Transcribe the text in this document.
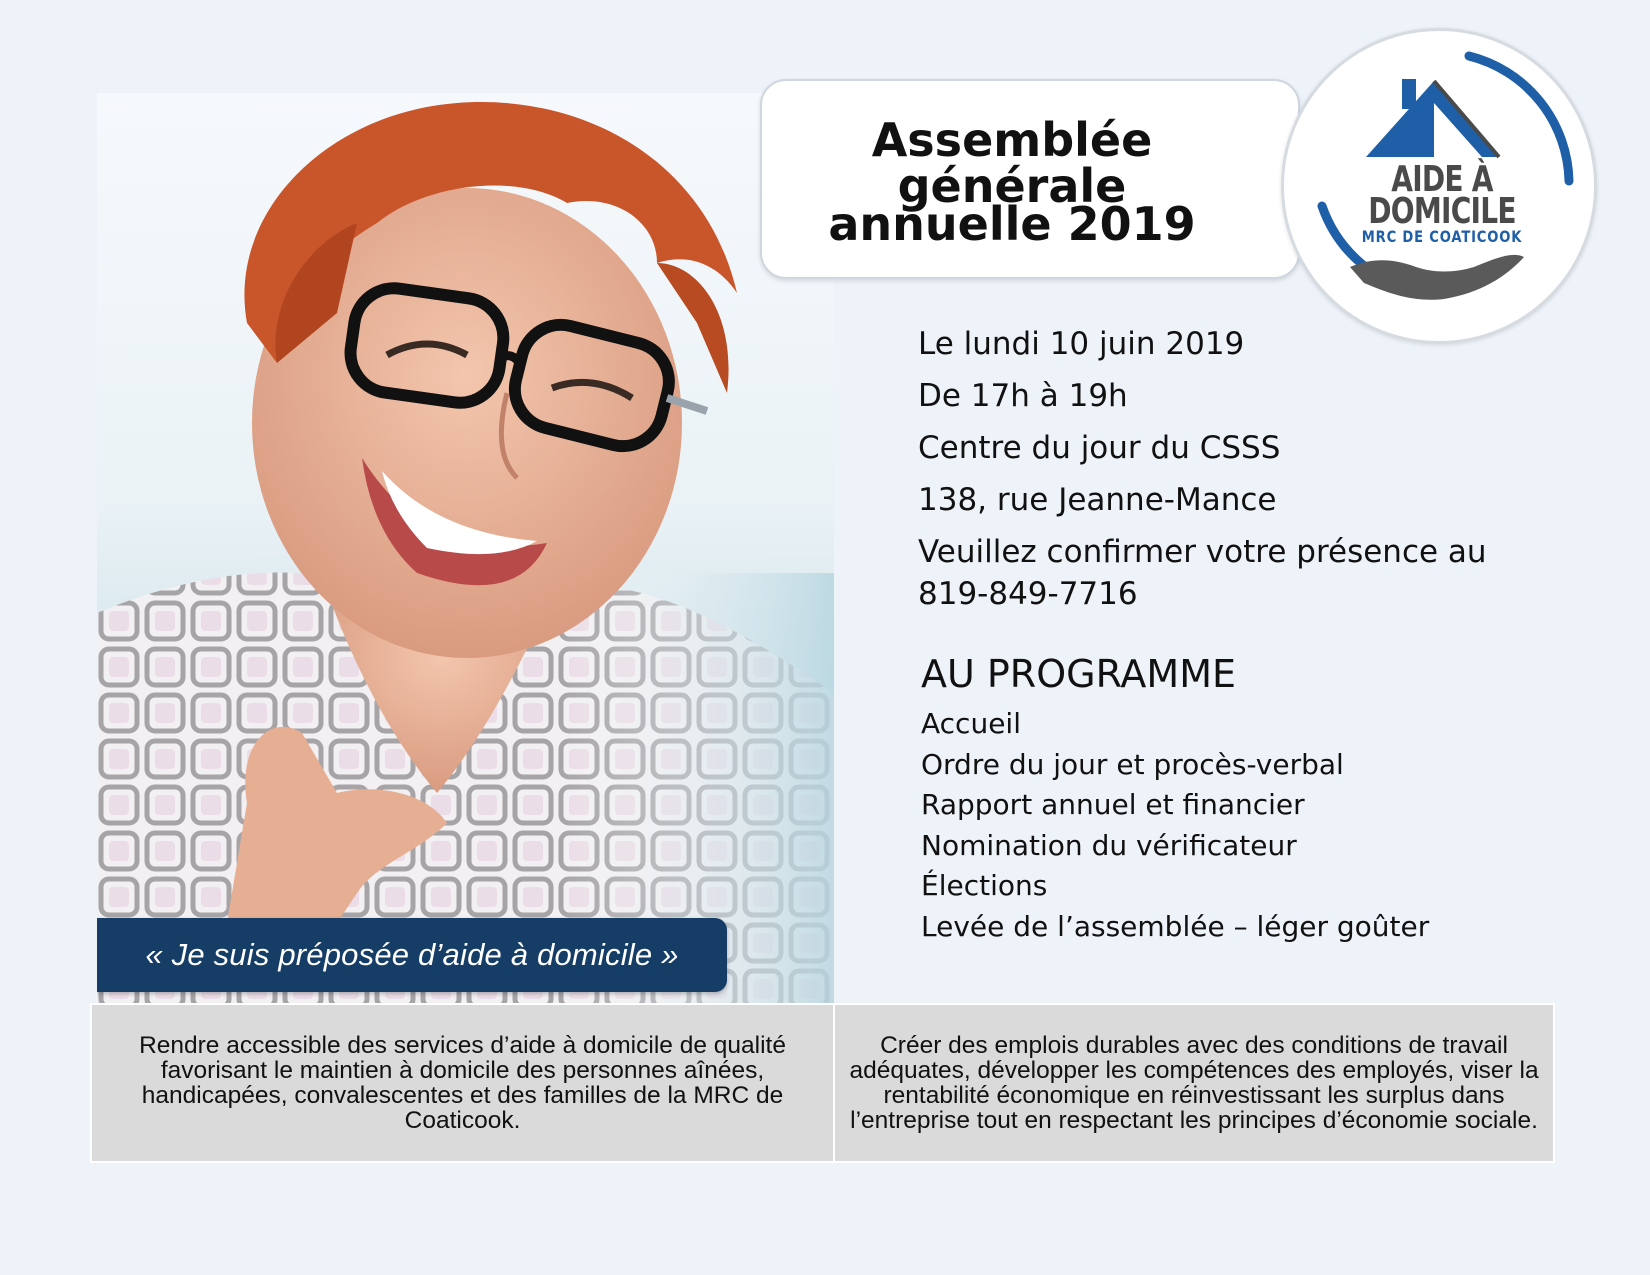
« Je suis préposée d’aide à domicile »
Assemblée générale
annuelle 2019
AIDE À
DOMICILE
MRC DE COATICOOK
Le lundi 10 juin 2019
De 17h à 19h
Centre du jour du CSSS
138, rue Jeanne-Mance
Veuillez confirmer votre présence au
819-849-7716
AU PROGRAMME
Accueil
Ordre du jour et procès-verbal
Rapport annuel et financier
Nomination du vérificateur
Élections
Levée de l’assemblée – léger goûter
Rendre accessible des services d’aide à domicile de qualité favorisant le maintien à domicile des personnes aînées, handicapées, convalescentes et des familles de la MRC de Coaticook.
Créer des emplois durables avec des conditions de travail adéquates, développer les compétences des employés, viser la rentabilité économique en réinvestissant les surplus dans l’entreprise tout en respectant les principes d’économie sociale.
